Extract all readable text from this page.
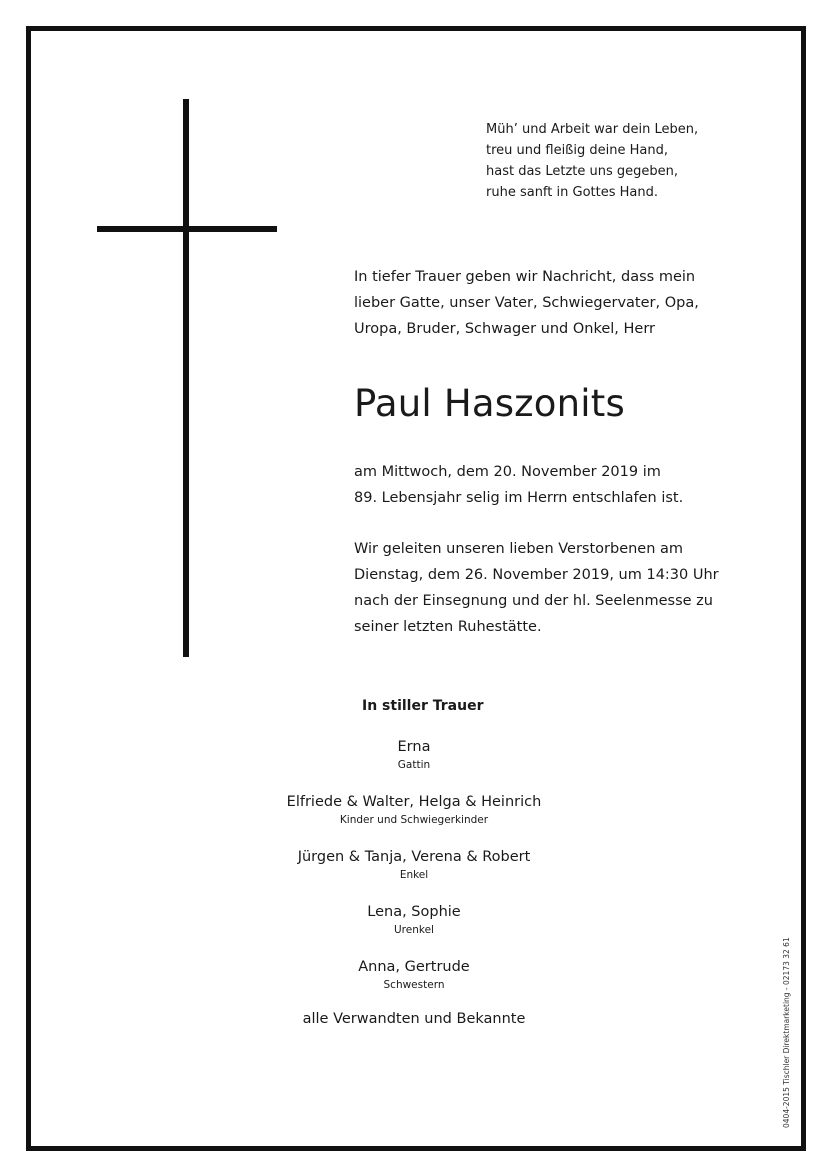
Müh’ und Arbeit war dein Leben,
treu und fleißig deine Hand,
hast das Letzte uns gegeben,
ruhe sanft in Gottes Hand.
In tiefer Trauer geben wir Nachricht, dass mein
lieber Gatte, unser Vater, Schwiegervater, Opa,
Uropa, Bruder, Schwager und Onkel, Herr
Paul Haszonits
am Mittwoch, dem 20. November 2019 im
89. Lebensjahr selig im Herrn entschlafen ist.
Wir geleiten unseren lieben Verstorbenen am
Dienstag, dem 26. November 2019, um 14:30 Uhr
nach der Einsegnung und der hl. Seelenmesse zu
seiner letzten Ruhestätte.
In stiller Trauer
Erna
Gattin
Elfriede & Walter, Helga & Heinrich
Kinder und Schwiegerkinder
Jürgen & Tanja, Verena & Robert
Enkel
Lena, Sophie
Urenkel
Anna, Gertrude
Schwestern
alle Verwandten und Bekannte	0404-2015 Tischler Direktmarketing - 02173 32 61
